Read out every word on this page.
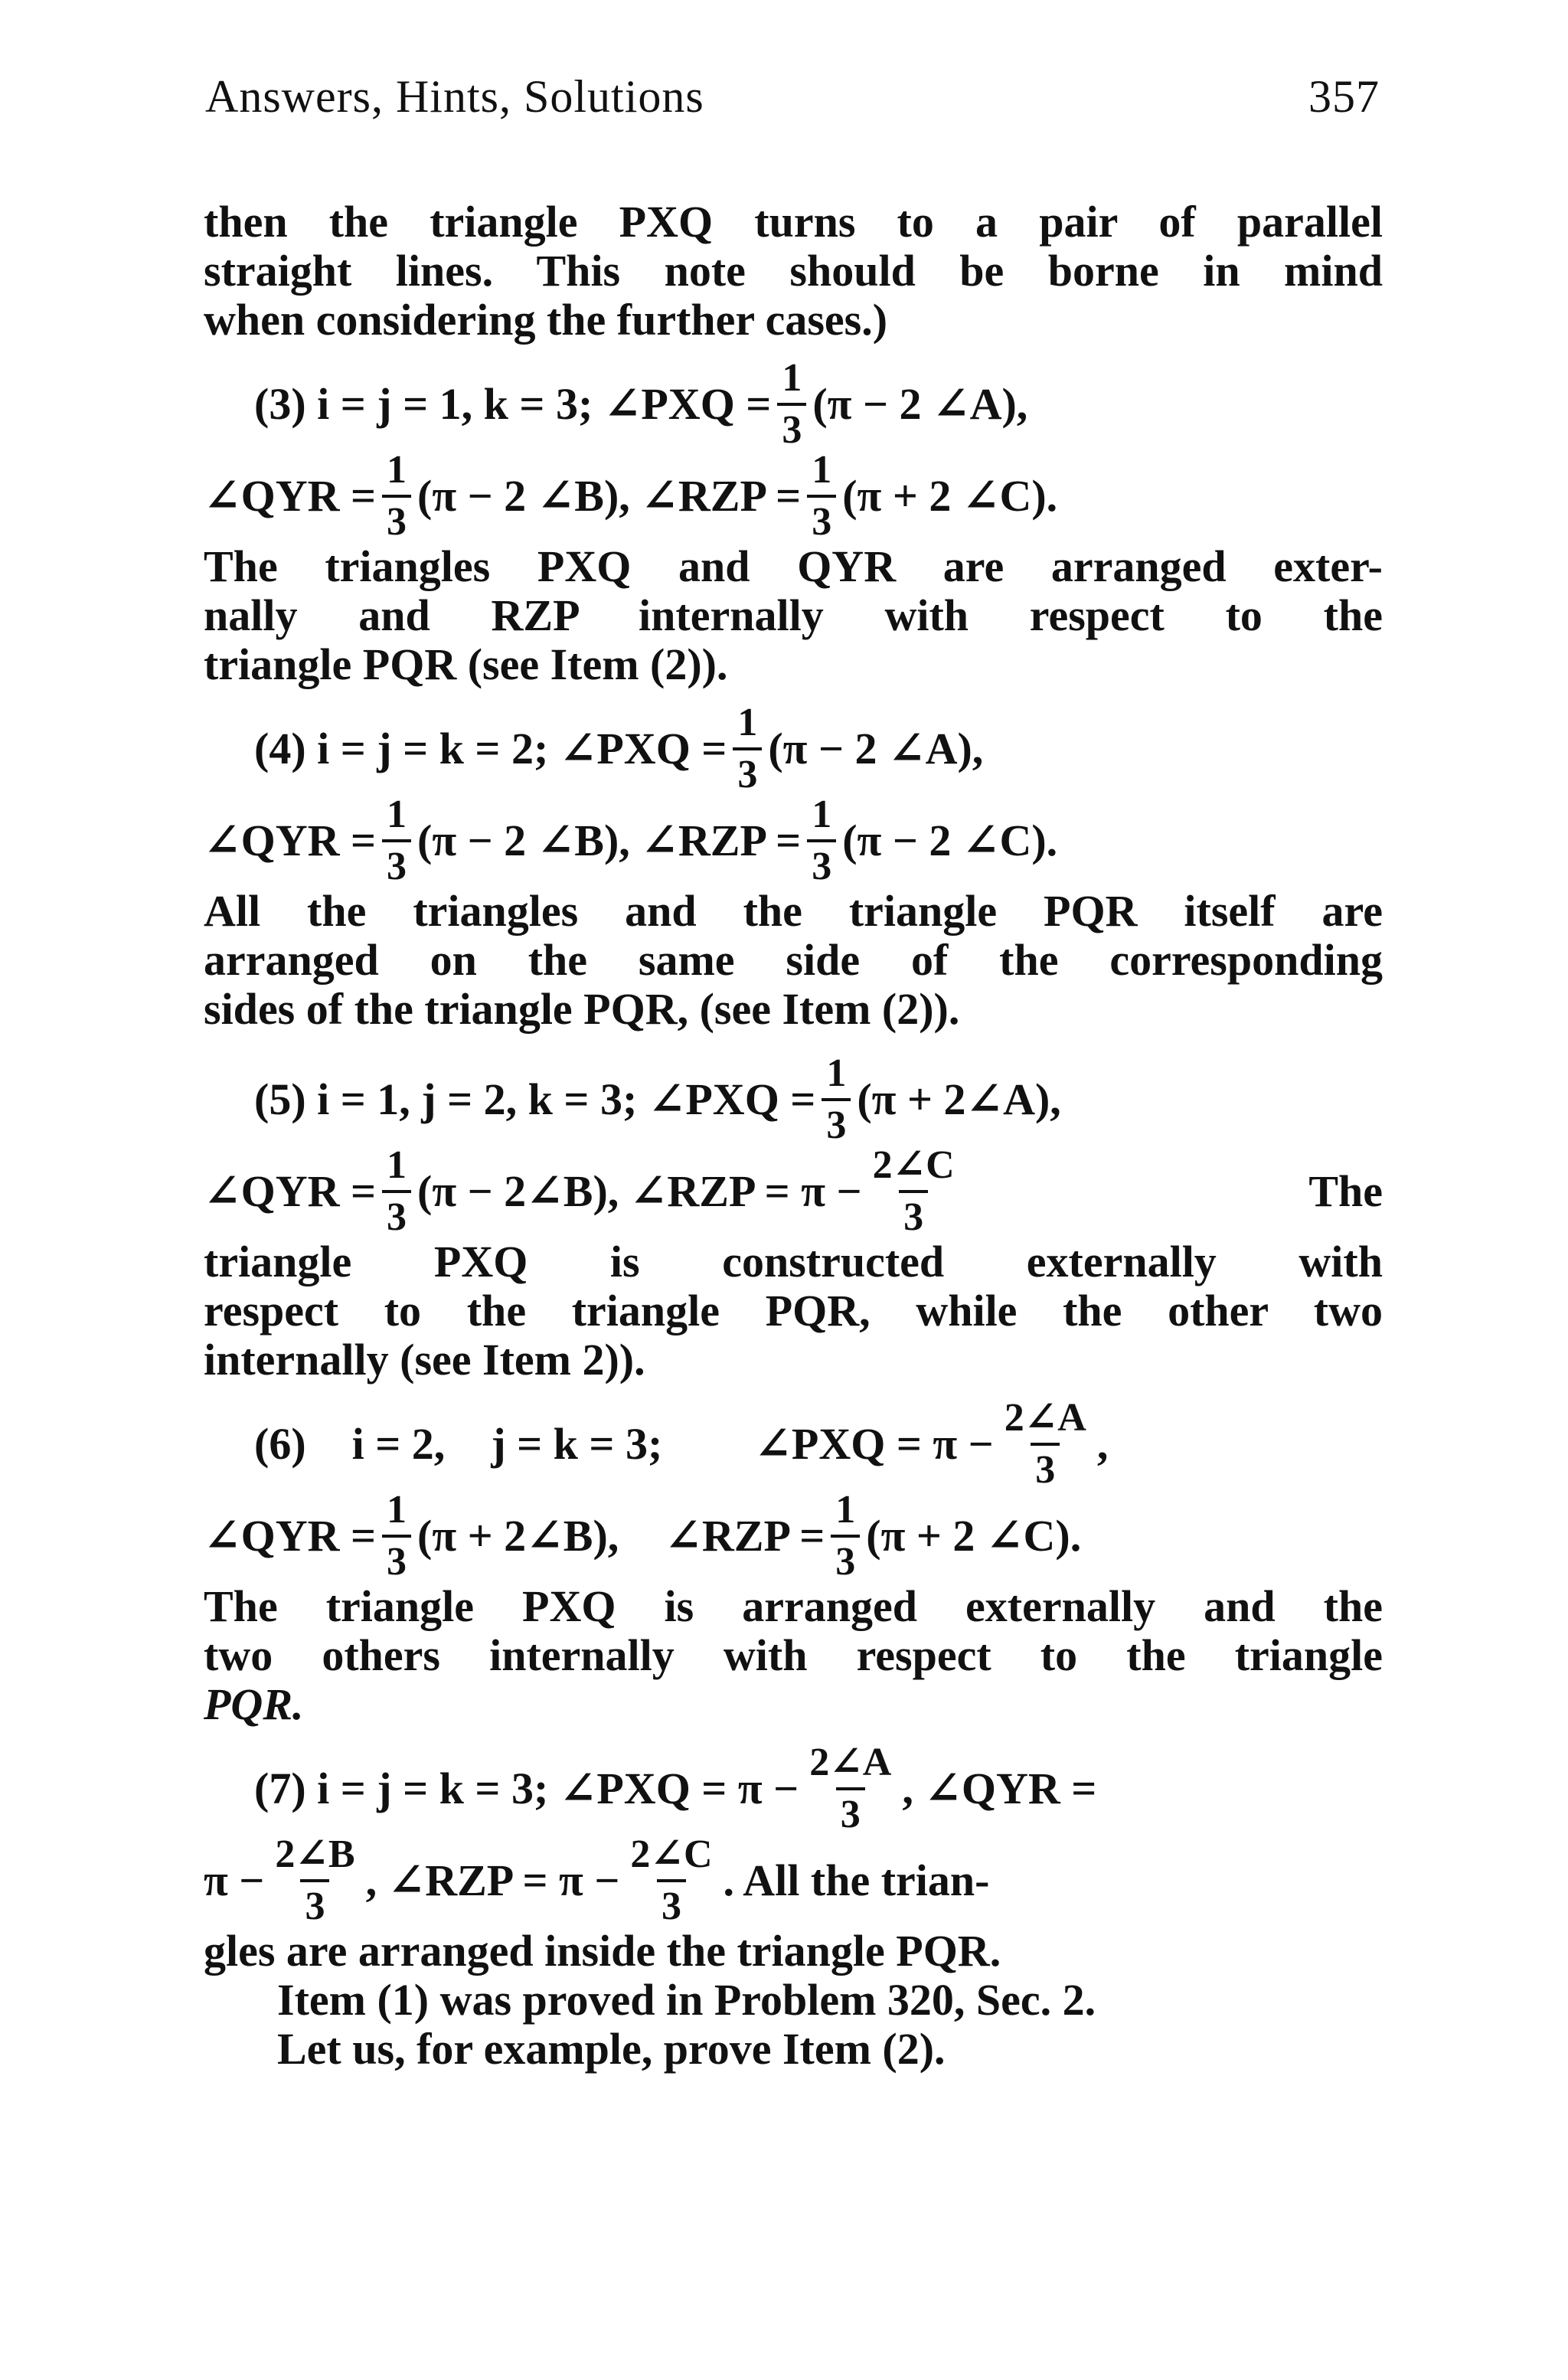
Answers, Hints, Solutions	357

then the triangle PXQ turns to a pair of parallel

straight lines. This note should be borne in mind

when considering the further cases.)

(3) i = j = 1, k = 3; ∠PXQ = $\frac{1}{3} (\pi - 2$ ∠A),
∠QYR = $\frac{1}{3} (\pi - 2$ ∠B), ∠RZP = $\frac{1}{3} (\pi + 2$ ∠C).

The triangles PXQ and QYR are arranged exter-

nally and RZP internally with respect to the

triangle PQR (see Item (2)).

(4) i = j = k = 2; ∠PXQ = $\frac{1}{3} (\pi - 2$ ∠A),
∠QYR = $\frac{1}{3} (\pi - 2$ ∠B), ∠RZP = $\frac{1}{3} (\pi - 2$ ∠C).

All the triangles and the triangle PQR itself are

arranged on the same side of the corresponding

sides of the triangle PQR, (see Item (2)).

(5) i = 1, j = 2, k = 3; ∠PXQ = $\frac{1}{3} (\pi$ + 2∠A),
∠QYR = $\frac{1}{3} (\pi$ − 2∠B), ∠RZP = $\pi - \frac{2\angle C}{3}$	The

triangle PXQ is constructed externally with

respect to the triangle PQR, while the other two

internally (see Item 2)).

(6) i = 2, j = k = 3; ∠PXQ = $\pi - \frac{2\angle A}{3}$ ,
∠QYR = $\frac{1}{3} (\pi$ + 2∠B), ∠RZP = $\frac{1}{3} (\pi + 2$ ∠C).

The triangle PXQ is arranged externally and the

two others internally with respect to the triangle

PQR.

(7) i = j = k = 3; ∠PXQ = $\pi - \frac{2\angle A}{3}$ , ∠QYR =
$\pi - \frac{2\angle B}{3}$ , ∠RZP = $\pi - \frac{2\angle C}{3}$ . All the trian-

gles are arranged inside the triangle PQR.

Item (1) was proved in Problem 320, Sec. 2.

Let us, for example, prove Item (2).
